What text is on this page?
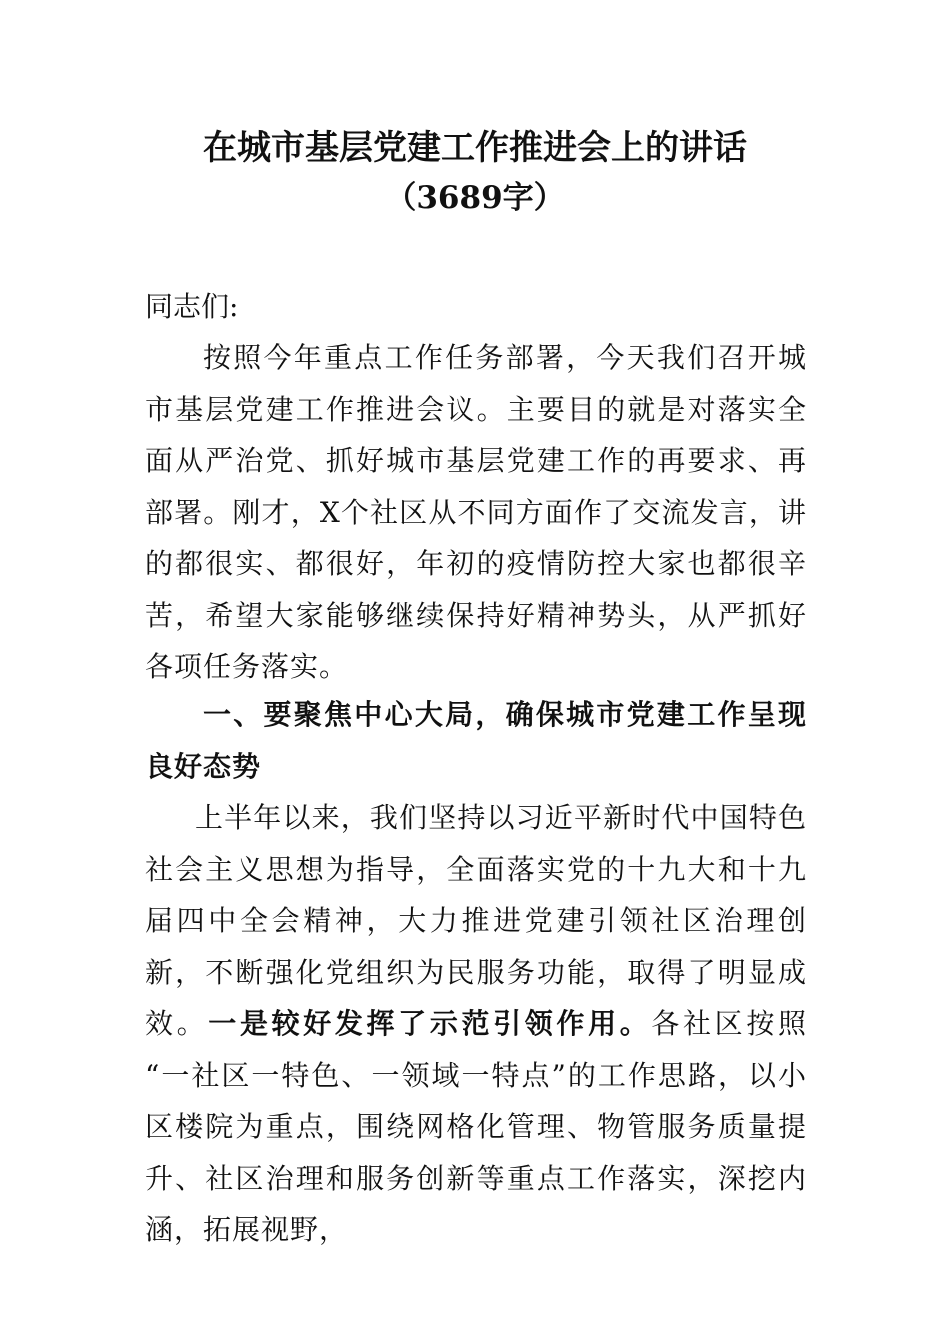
在城市基层党建工作推进会上的讲话
（3689字）
同志们:
按照今年重点工作任务部署，今天我们召开城市基层党建工作推进会议。主要目的就是对落实全面从严治党、抓好城市基层党建工作的再要求、再部署。刚才，X个社区从不同方面作了交流发言，讲的都很实、都很好，年初的疫情防控大家也都很辛苦，希望大家能够继续保持好精神势头，从严抓好各项任务落实。
一、要聚焦中心大局，确保城市党建工作呈现良好态势
上半年以来，我们坚持以习近平新时代中国特色社会主义思想为指导，全面落实党的十九大和十九届四中全会精神，大力推进党建引领社区治理创新，不断强化党组织为民服务功能，取得了明显成效。一是较好发挥了示范引领作用。各社区按照 “一社区一特色、一领域一特点”的工作思路，以小区楼院为重点，围绕网格化管理、物管服务质量提升、社区治理和服务创新等重点工作落实，深挖内涵，拓展视野，
